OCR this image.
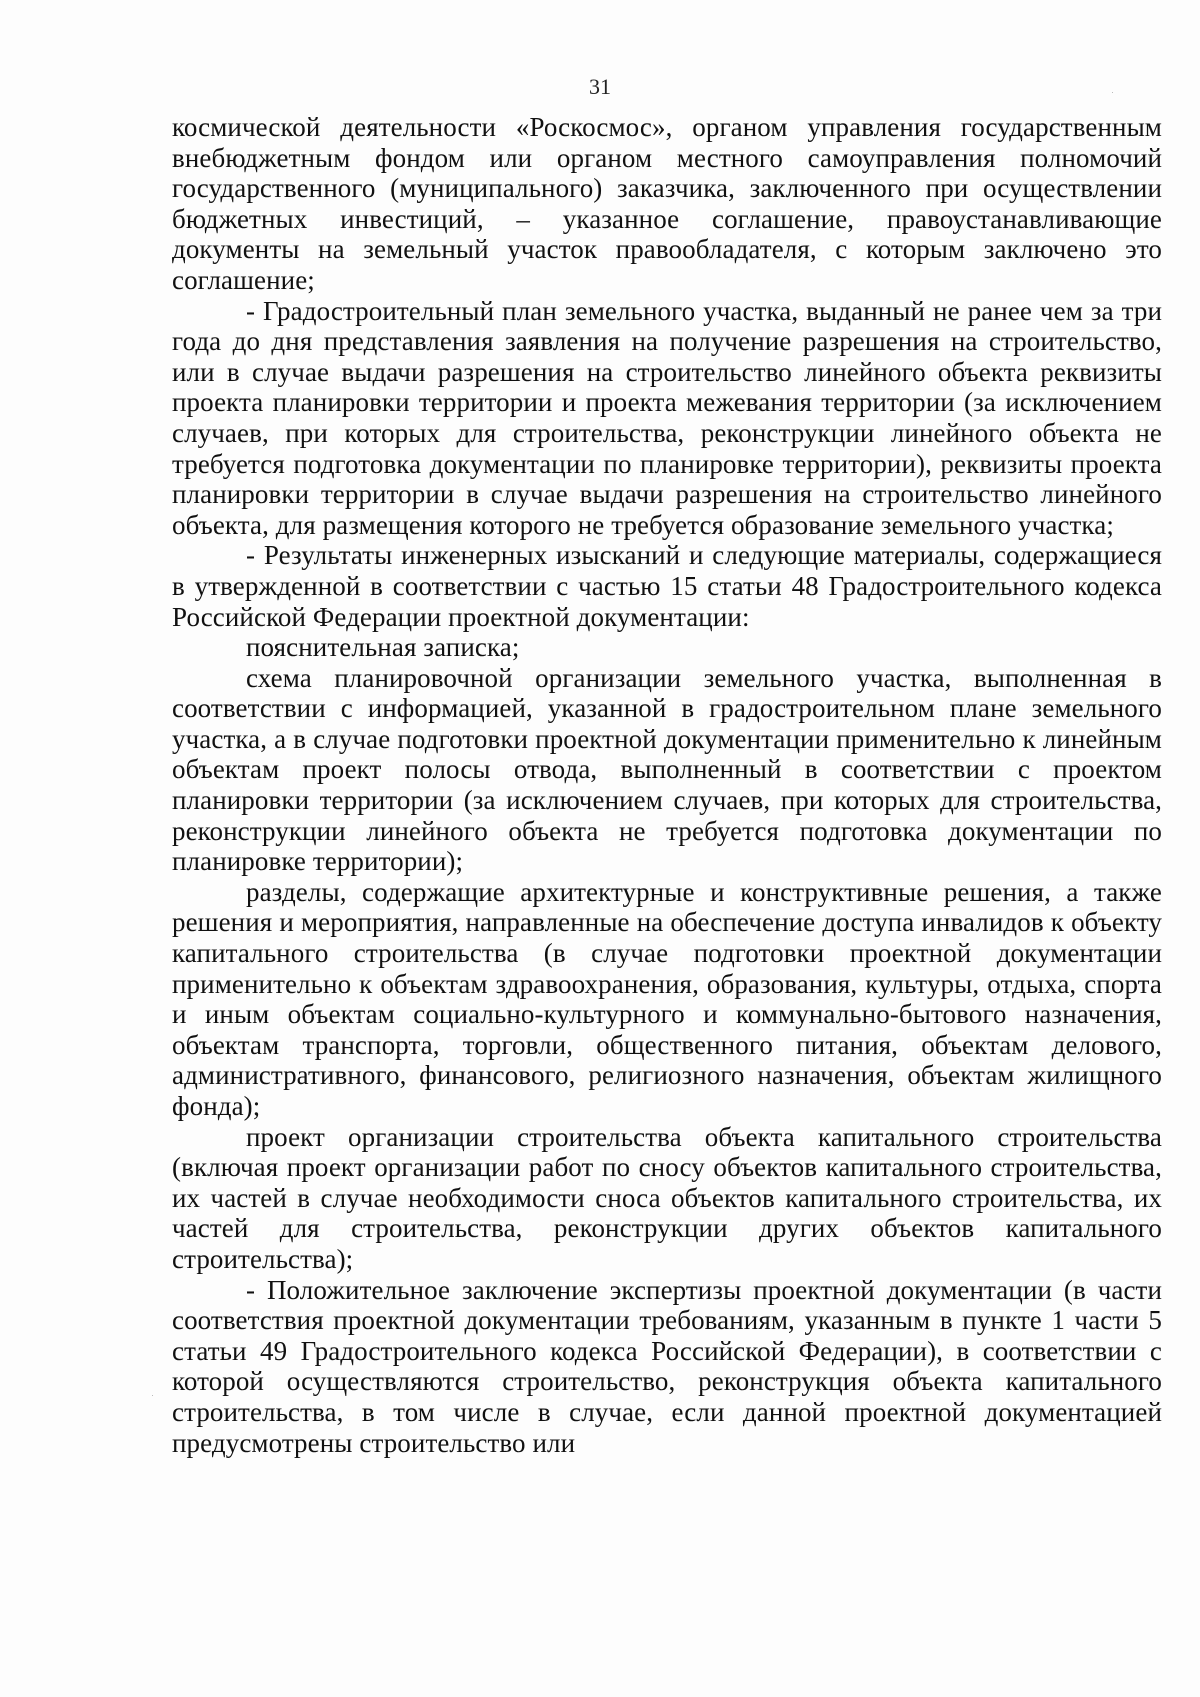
31

космической деятельности «Роскосмос», органом управления государственным внебюджетным фондом или органом местного самоуправления полномочий государственного (муниципального) заказчика, заключенного при осуществлении бюджетных инвестиций, – указанное соглашение, правоустанавливающие документы на земельный участок правообладателя, с которым заключено это соглашение;

- Градостроительный план земельного участка, выданный не ранее чем за три года до дня представления заявления на получение разрешения на строительство, или в случае выдачи разрешения на строительство линейного объекта реквизиты проекта планировки территории и проекта межевания территории (за исключением случаев, при которых для строительства, реконструкции линейного объекта не требуется подготовка документации по планировке территории), реквизиты проекта планировки территории в случае выдачи разрешения на строительство линейного объекта, для размещения которого не требуется образование земельного участка;

- Результаты инженерных изысканий и следующие материалы, содержащиеся в утвержденной в соответствии с частью 15 статьи 48 Градостроительного кодекса Российской Федерации проектной документации:

пояснительная записка;

схема планировочной организации земельного участка, выполненная в соответствии с информацией, указанной в градостроительном плане земельного участка, а в случае подготовки проектной документации применительно к линейным объектам проект полосы отвода, выполненный в соответствии с проектом планировки территории (за исключением случаев, при которых для строительства, реконструкции линейного объекта не требуется подготовка документации по планировке территории);

разделы, содержащие архитектурные и конструктивные решения, а также решения и мероприятия, направленные на обеспечение доступа инвалидов к объекту капитального строительства (в случае подготовки проектной документации применительно к объектам здравоохранения, образования, культуры, отдыха, спорта и иным объектам социально-культурного и коммунально-бытового назначения, объектам транспорта, торговли, общественного питания, объектам делового, административного, финансового, религиозного назначения, объектам жилищного фонда);

проект организации строительства объекта капитального строительства (включая проект организации работ по сносу объектов капитального строительства, их частей в случае необходимости сноса объектов капитального строительства, их частей для строительства, реконструкции других объектов капитального строительства);

- Положительное заключение экспертизы проектной документации (в части соответствия проектной документации требованиям, указанным в пункте 1 части 5 статьи 49 Градостроительного кодекса Российской Федерации), в соответствии с которой осуществляются строительство, реконструкция объекта капитального строительства, в том числе в случае, если данной проектной документацией предусмотрены строительство или
